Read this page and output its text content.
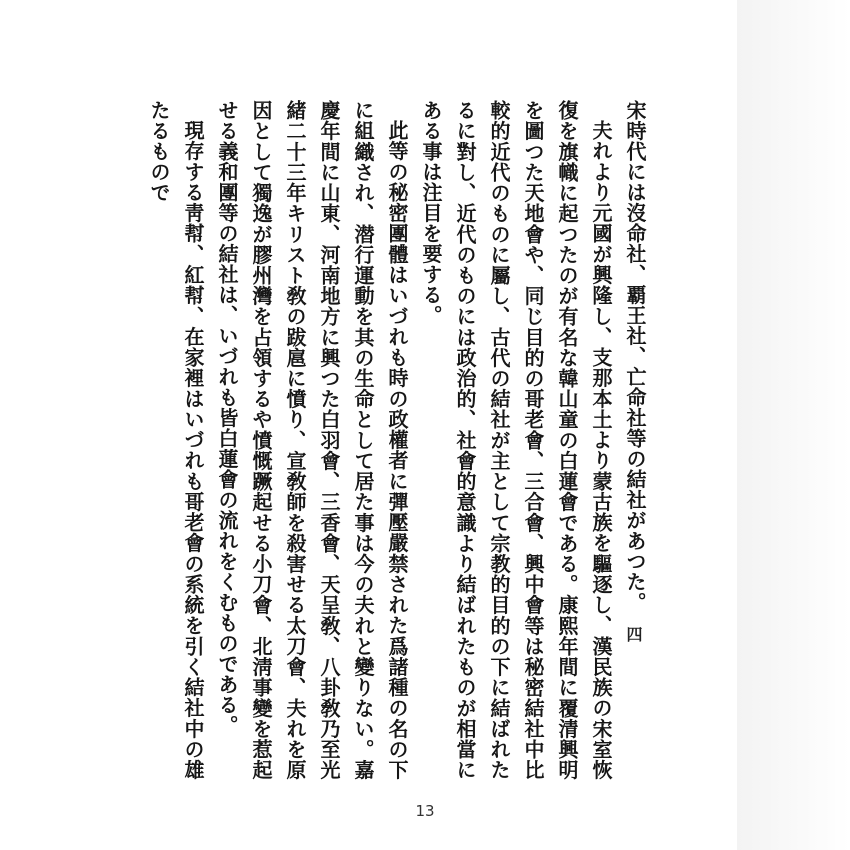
宋時代には沒命社、覇王社、亡命社等の結社があつた。

夫れより元國が興隆し、支那本土より蒙古族を驅逐し、漢民族の宋室恢復を旗幟に起つたのが有名な韓山童の白蓮會である。康熙年間に覆清興明を圖つた天地會や、同じ目的の哥老會、三合會、興中會等は秘密結社中比較的近代のものに屬し、古代の結社が主として宗教的目的の下に結ばれたるに對し、近代のものには政治的、社會的意識より結ばれたものが相當にある事は注目を要する。

此等の秘密團體はいづれも時の政權者に彈壓嚴禁された爲諸種の名の下に組織され、潜行運動を其の生命として居た事は今の夫れと變りない。嘉慶年間に山東、河南地方に興つた白羽會、三香會、天呈敎、八卦敎乃至光緒二十三年キリスト敎の跋扈に憤り、宣敎師を殺害せる太刀會、夫れを原因として獨逸が膠州灣を占領するや憤慨蹶起せる小刀會、北淸事變を惹起せる義和團等の結社は、いづれも皆白蓮會の流れをくむものである。

現存する靑幇、紅幇、在家裡はいづれも哥老會の系統を引く結社中の雄たるもので

四
13
